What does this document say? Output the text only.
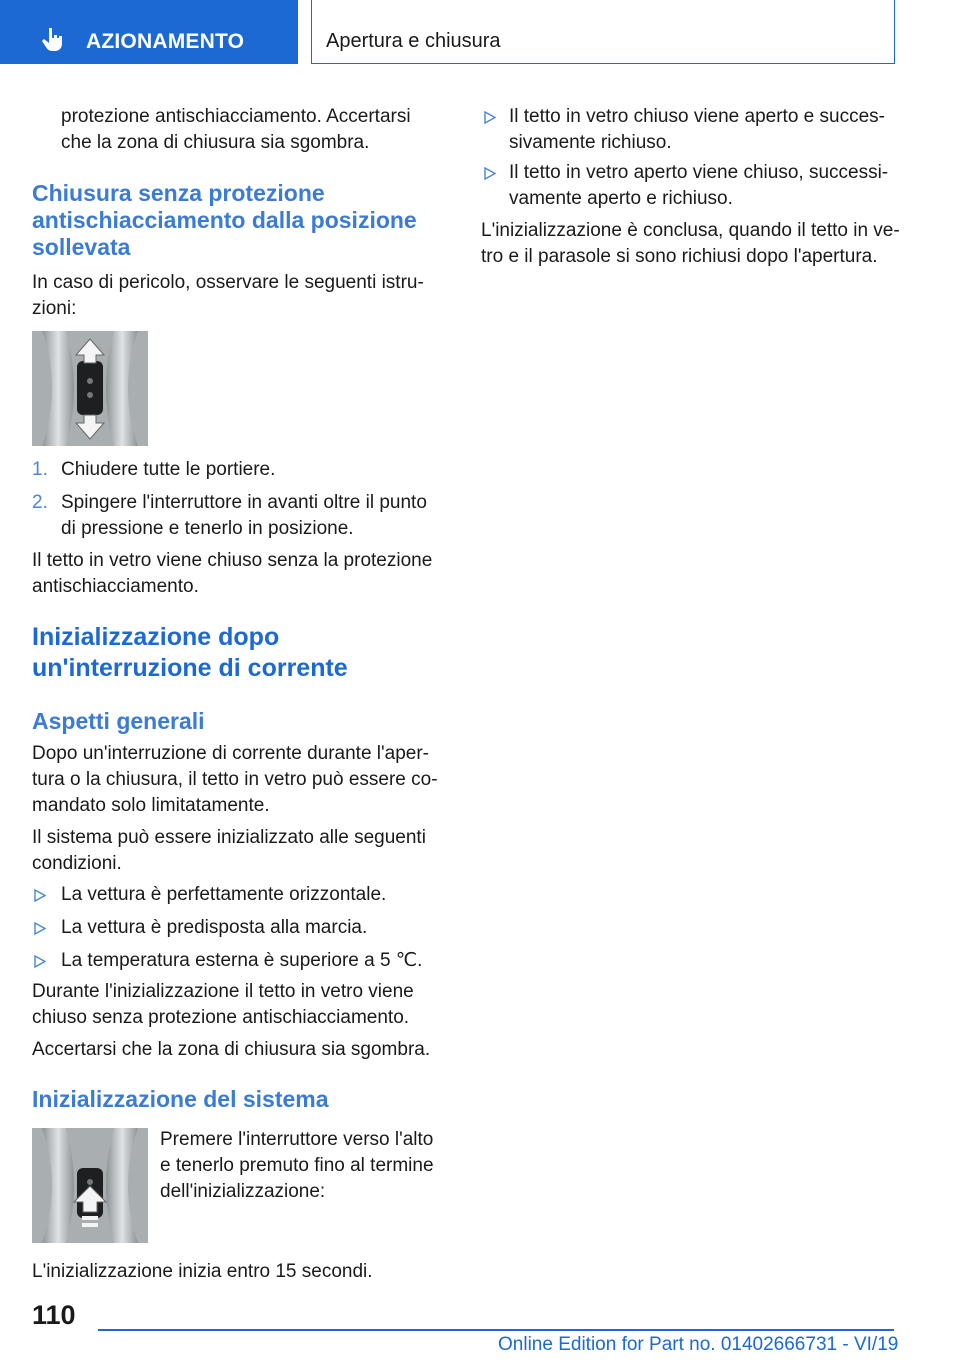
AZIONAMENTO	Apertura e chiusura

protezione antischiacciamento. Accertarsi

che la zona di chiusura sia sgombra.

Chiusura senza protezione
antischiacciamento dalla posizione
sollevata

In caso di pericolo, osservare le seguenti istru-

zioni:

1. Chiudere tutte le portiere.

2. Spingere l'interruttore in avanti oltre il punto

di pressione e tenerlo in posizione.

Il tetto in vetro viene chiuso senza la protezione

antischiacciamento.

Inizializzazione dopo
un'interruzione di corrente
Aspetti generali

Dopo un'interruzione di corrente durante l'aper-

tura o la chiusura, il tetto in vetro può essere co-

mandato solo limitatamente.

Il sistema può essere inizializzato alle seguenti

condizioni.

La vettura è perfettamente orizzontale.

La vettura è predisposta alla marcia.

La temperatura esterna è superiore a 5 ℃.

Durante l'inizializzazione il tetto in vetro viene

chiuso senza protezione antischiacciamento.

Accertarsi che la zona di chiusura sia sgombra.

Inizializzazione del sistema

Premere l'interruttore verso l'alto

e tenerlo premuto fino al termine

dell'inizializzazione:

L'inizializzazione inizia entro 15 secondi.

Il tetto in vetro chiuso viene aperto e succes-

sivamente richiuso.

Il tetto in vetro aperto viene chiuso, successi-

vamente aperto e richiuso.

L'inizializzazione è conclusa, quando il tetto in ve-

tro e il parasole si sono richiusi dopo l'apertura.

110
Online Edition for Part no. 01402666731 - VI/19
